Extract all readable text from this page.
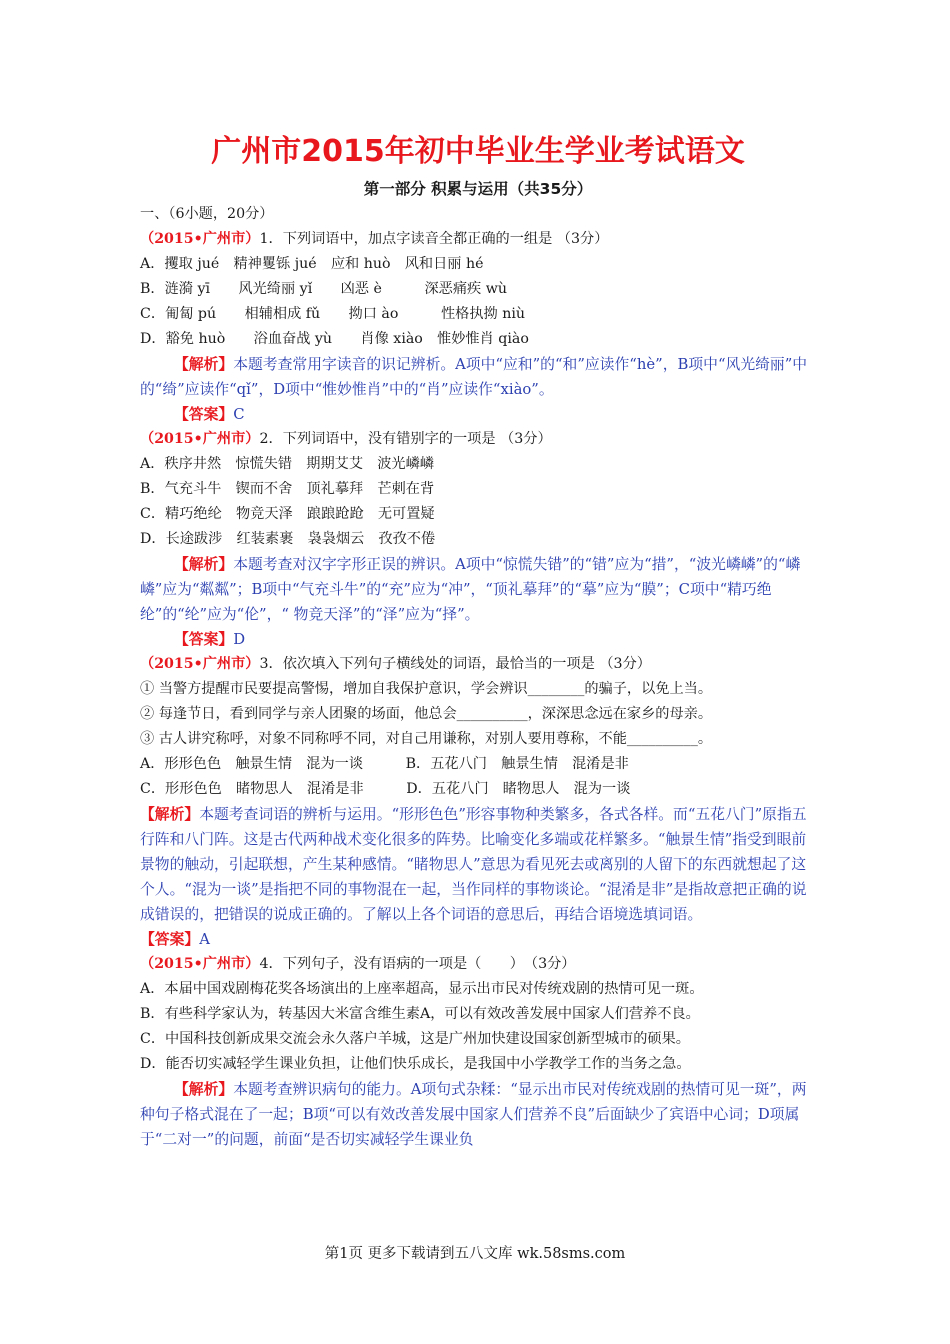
广州市2015年初中毕业生学业考试语文
第一部分 积累与运用（共35分）

一、（6小题，20分）

（2015•广州市）1．下列词语中，加点字读音全都正确的一组是 （3分）

A．攫取 jué　精神矍铄 jué　应和 huò　风和日丽 hé

B．涟漪 yī　　风光绮丽 yǐ　　凶恶 è　　　深恶痛疾 wù

C．匍匐 pú　　相辅相成 fǔ　　拗口 ào　　　性格执拗 niù

D．豁免 huò　　浴血奋战 yù　　肖像 xiào　惟妙惟肖 qiào

【解析】本题考查常用字读音的识记辨析。A项中“应和”的“和”应读作“hè”，B项中“风光绮丽”中的“绮”应读作“qǐ”，D项中“惟妙惟肖”中的“肖”应读作“xiào”。

【答案】C

（2015•广州市）2．下列词语中，没有错别字的一项是 （3分）

A．秩序井然　惊慌失错　期期艾艾　波光嶙嶙

B．气充斗牛　锲而不舍　顶礼摹拜　芒刺在背

C．精巧绝纶　物竞天泽　踉踉跄跄　无可置疑

D．长途跋涉　红装素裹　袅袅烟云　孜孜不倦

【解析】本题考查对汉字字形正误的辨识。A项中“惊慌失错”的“错”应为“措”，“波光嶙嶙”的“嶙嶙”应为“粼粼”；B项中“气充斗牛”的“充”应为“冲”，“顶礼摹拜”的“摹”应为“膜”；C项中“精巧绝纶”的“纶”应为“伦”，“ 物竞天泽”的“泽”应为“择”。

【答案】D

（2015•广州市）3．依次填入下列句子横线处的词语，最恰当的一项是 （3分）

① 当警方提醒市民要提高警惕，增加自我保护意识，学会辨识________的骗子，以免上当。

② 每逢节日，看到同学与亲人团聚的场面，他总会__________，深深思念远在家乡的母亲。

③ 古人讲究称呼，对象不同称呼不同，对自己用谦称，对别人要用尊称，不能__________。

A．形形色色　触景生情　混为一谈　　　B．五花八门　触景生情　混淆是非

C．形形色色　睹物思人　混淆是非　　　D．五花八门　睹物思人　混为一谈

【解析】本题考查词语的辨析与运用。“形形色色”形容事物种类繁多，各式各样。而“五花八门”原指五行阵和八门阵。这是古代两种战术变化很多的阵势。比喻变化多端或花样繁多。“触景生情”指受到眼前景物的触动，引起联想，产生某种感情。“睹物思人”意思为看见死去或离别的人留下的东西就想起了这个人。“混为一谈”是指把不同的事物混在一起，当作同样的事物谈论。“混淆是非”是指故意把正确的说成错误的，把错误的说成正确的。了解以上各个词语的意思后，再结合语境选填词语。

【答案】A

（2015•广州市）4．下列句子，没有语病的一项是（　　）　（3分）

A．本届中国戏剧梅花奖各场演出的上座率超高，显示出市民对传统戏剧的热情可见一斑。

B．有些科学家认为，转基因大米富含维生素A，可以有效改善发展中国家人们营养不良。

C．中国科技创新成果交流会永久落户羊城，这是广州加快建设国家创新型城市的硕果。

D．能否切实减轻学生课业负担，让他们快乐成长，是我国中小学教学工作的当务之急。

【解析】本题考查辨识病句的能力。A项句式杂糅：“显示出市民对传统戏剧的热情可见一斑”，两种句子格式混在了一起；B项“可以有效改善发展中国家人们营养不良”后面缺少了宾语中心词；D项属于“二对一”的问题，前面“是否切实减轻学生课业负

第1页 更多下载请到五八文库 wk.58sms.com
